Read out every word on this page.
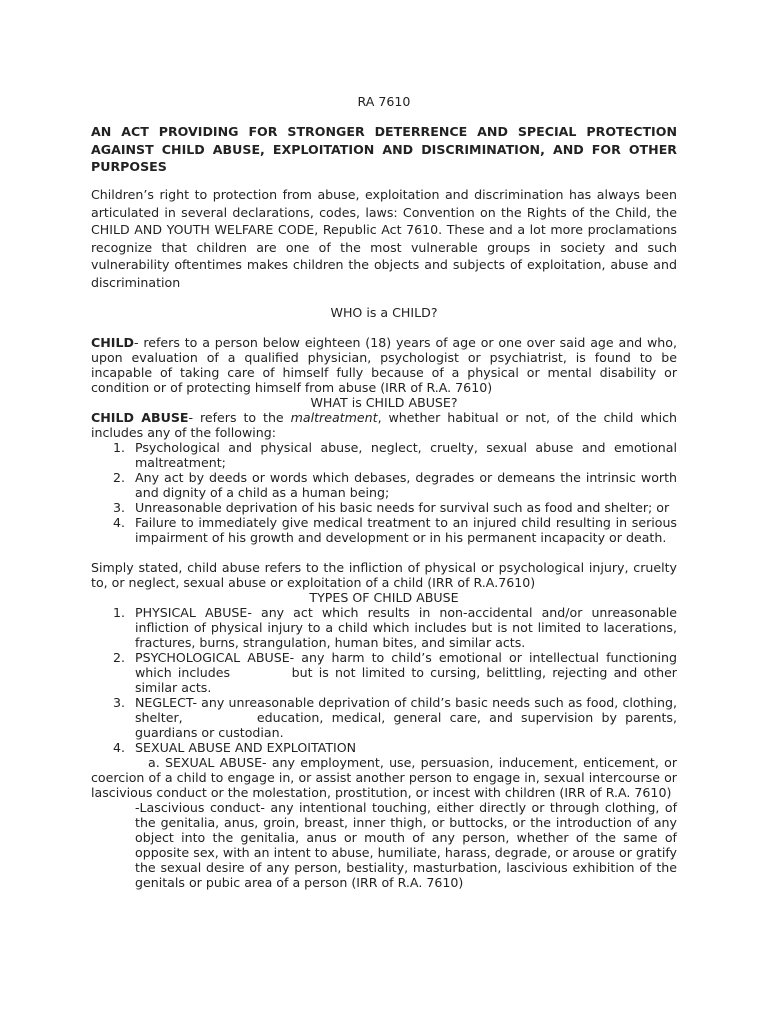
RA 7610
AN ACT PROVIDING FOR STRONGER DETERRENCE AND SPECIAL PROTECTION AGAINST CHILD ABUSE, EXPLOITATION AND DISCRIMINATION, AND FOR OTHER PURPOSES
Children’s right to protection from abuse, exploitation and discrimination has always been articulated in several declarations, codes, laws: Convention on the Rights of the Child, the CHILD AND YOUTH WELFARE CODE, Republic Act 7610. These and a lot more proclamations recognize that children are one of the most vulnerable groups in society and such vulnerability oftentimes makes children the objects and subjects of exploitation, abuse and discrimination
WHO is a CHILD?
CHILD- refers to a person below eighteen (18) years of age or one over said age and who, upon evaluation of a qualified physician, psychologist or psychiatrist, is found to be incapable of taking care of himself fully because of a physical or mental disability or condition or of protecting himself from abuse (IRR of R.A. 7610)
WHAT is CHILD ABUSE?
CHILD ABUSE- refers to the maltreatment, whether habitual or not, of the child which includes any of the following:
1. Psychological and physical abuse, neglect, cruelty, sexual abuse and emotional maltreatment;
2. Any act by deeds or words which debases, degrades or demeans the intrinsic worth and dignity of a child as a human being;
3. Unreasonable deprivation of his basic needs for survival such as food and shelter; or
4. Failure to immediately give medical treatment to an injured child resulting in serious impairment of his growth and development or in his permanent incapacity or death.
Simply stated, child abuse refers to the infliction of physical or psychological injury, cruelty to, or neglect, sexual abuse or exploitation of a child (IRR of R.A.7610)
TYPES OF CHILD ABUSE
1. PHYSICAL ABUSE- any act which results in non-accidental and/or unreasonable infliction of physical injury to a child which includes but is not limited to lacerations, fractures, burns, strangulation, human bites, and similar acts.
2. PSYCHOLOGICAL ABUSE- any harm to child’s emotional or intellectual functioning
which includes          but is not limited to cursing, belittling, rejecting and other
similar acts.
3. NEGLECT- any unreasonable deprivation of child’s basic needs such as food, clothing,
shelter,         education, medical, general care, and supervision by parents,
guardians or custodian.
4. SEXUAL ABUSE AND EXPLOITATION
a. SEXUAL ABUSE- any employment, use, persuasion, inducement, enticement, or coercion of a child to engage in, or assist another person to engage in, sexual intercourse or lascivious conduct or the molestation, prostitution, or incest with children (IRR of R.A. 7610)
-Lascivious conduct- any intentional touching, either directly or through clothing, of the genitalia, anus, groin, breast, inner thigh, or buttocks, or the introduction of any object into the genitalia, anus or mouth of any person, whether of the same of opposite sex, with an intent to abuse, humiliate, harass, degrade, or arouse or gratify the sexual desire of any person, bestiality, masturbation, lascivious exhibition of the genitals or pubic area of a person (IRR of R.A. 7610)
